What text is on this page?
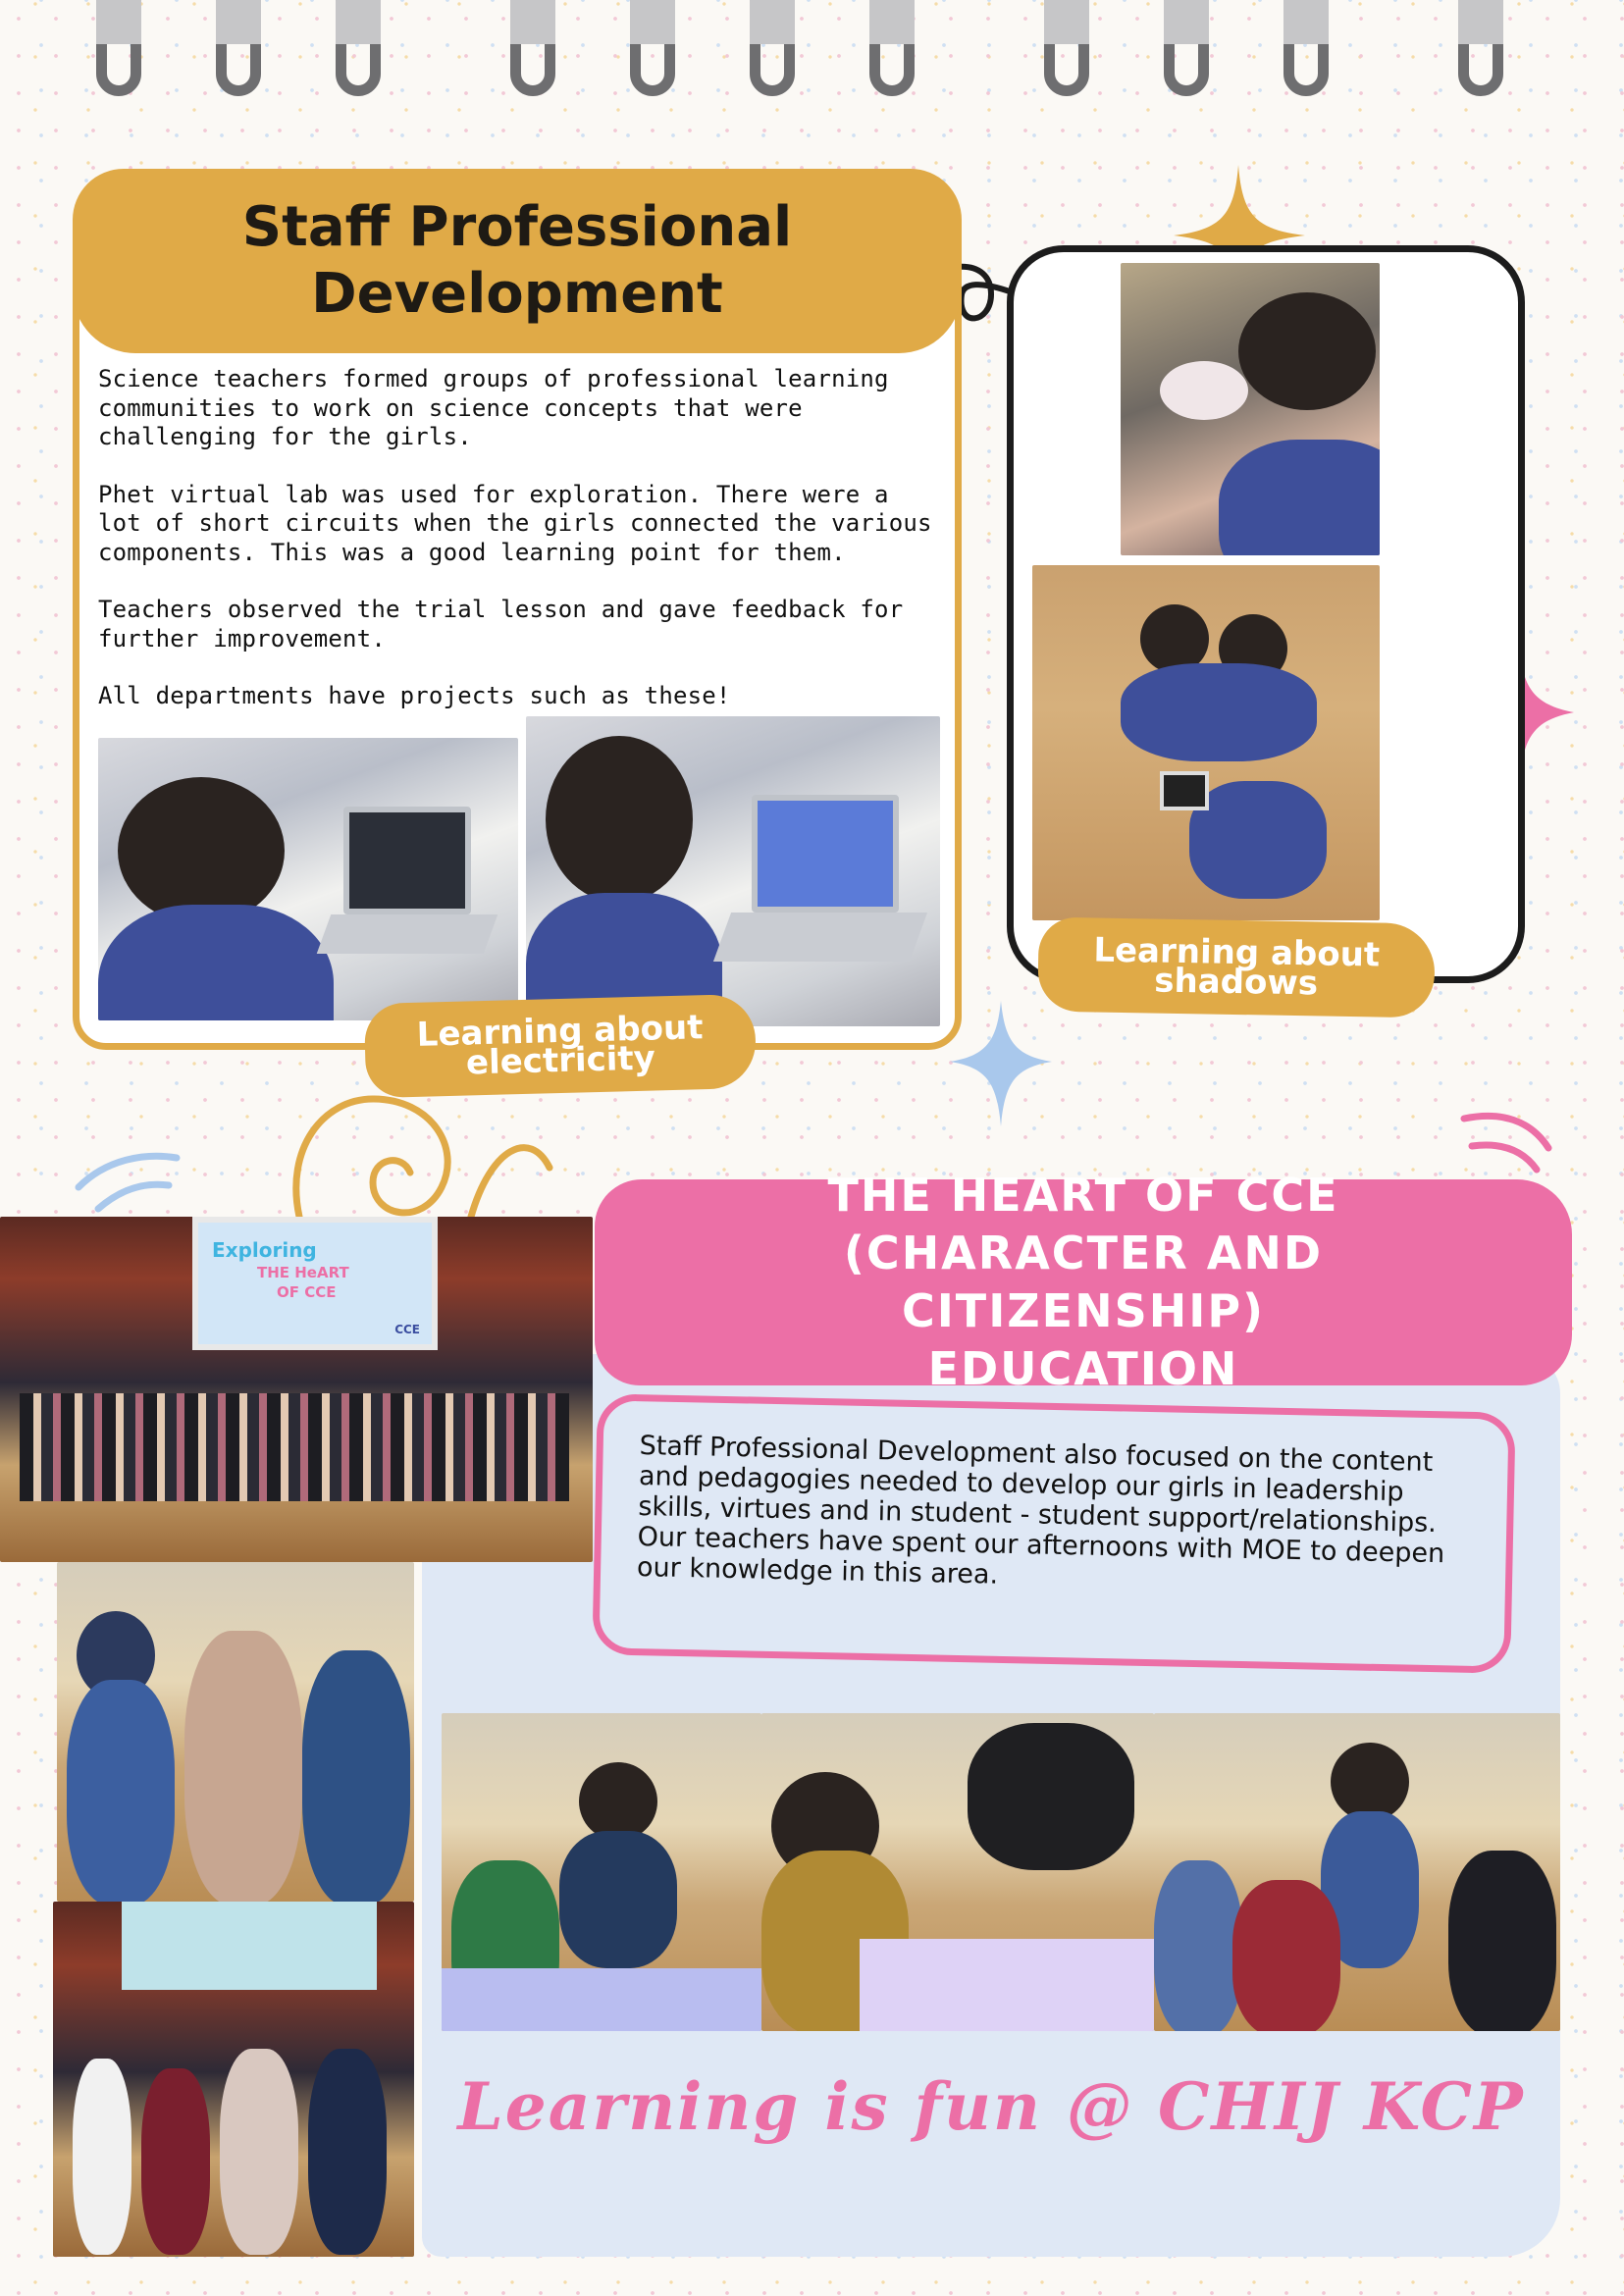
Staff Professional Development

Science teachers formed groups of professional learning communities to work on science concepts that were challenging for the girls.

Phet virtual lab was used for exploration. There were a lot of short circuits when the girls connected the various components. This was a good learning point for them.

Teachers observed the trial lesson and gave feedback for further improvement.

All departments have projects such as these!

Learning about electricity
Learning about shadows
Exploring
THE HeART
OF CCE
CCE
THE HEART OF CCE (CHARACTER AND CITIZENSHIP) EDUCATION
Staff Professional Development also focused on the content and pedagogies needed to develop our girls in leadership skills, virtues and in student - student support/relationships. Our teachers have spent our afternoons with MOE to deepen our knowledge in this area.
Learning is fun @ CHIJ KCP
